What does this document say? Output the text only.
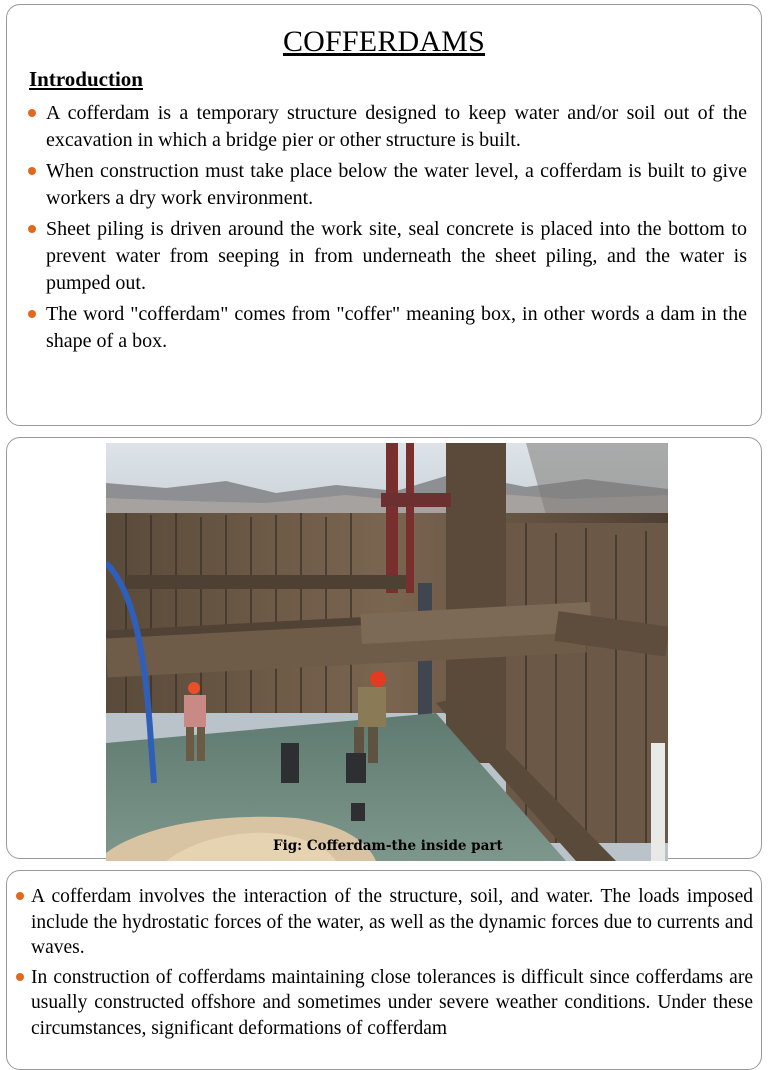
COFFERDAMS
Introduction
A cofferdam is a temporary structure designed to keep water and/or soil out of the excavation in which a bridge pier or other structure is built.
When construction must take place below the water level, a cofferdam is built to give workers a dry work environment.
Sheet piling is driven around the work site, seal concrete is placed into the bottom to prevent water from seeping in from underneath the sheet piling, and the water is pumped out.
The word "cofferdam" comes from "coffer" meaning box, in other words a dam in the shape of a box.
Fig: Cofferdam-the inside part
A cofferdam involves the interaction of the structure, soil, and water. The loads imposed include the hydrostatic forces of the water, as well as the dynamic forces due to currents and waves.
In construction of cofferdams maintaining close tolerances is difficult since cofferdams are usually constructed offshore and sometimes under severe weather conditions. Under these circumstances, significant deformations of cofferdam
